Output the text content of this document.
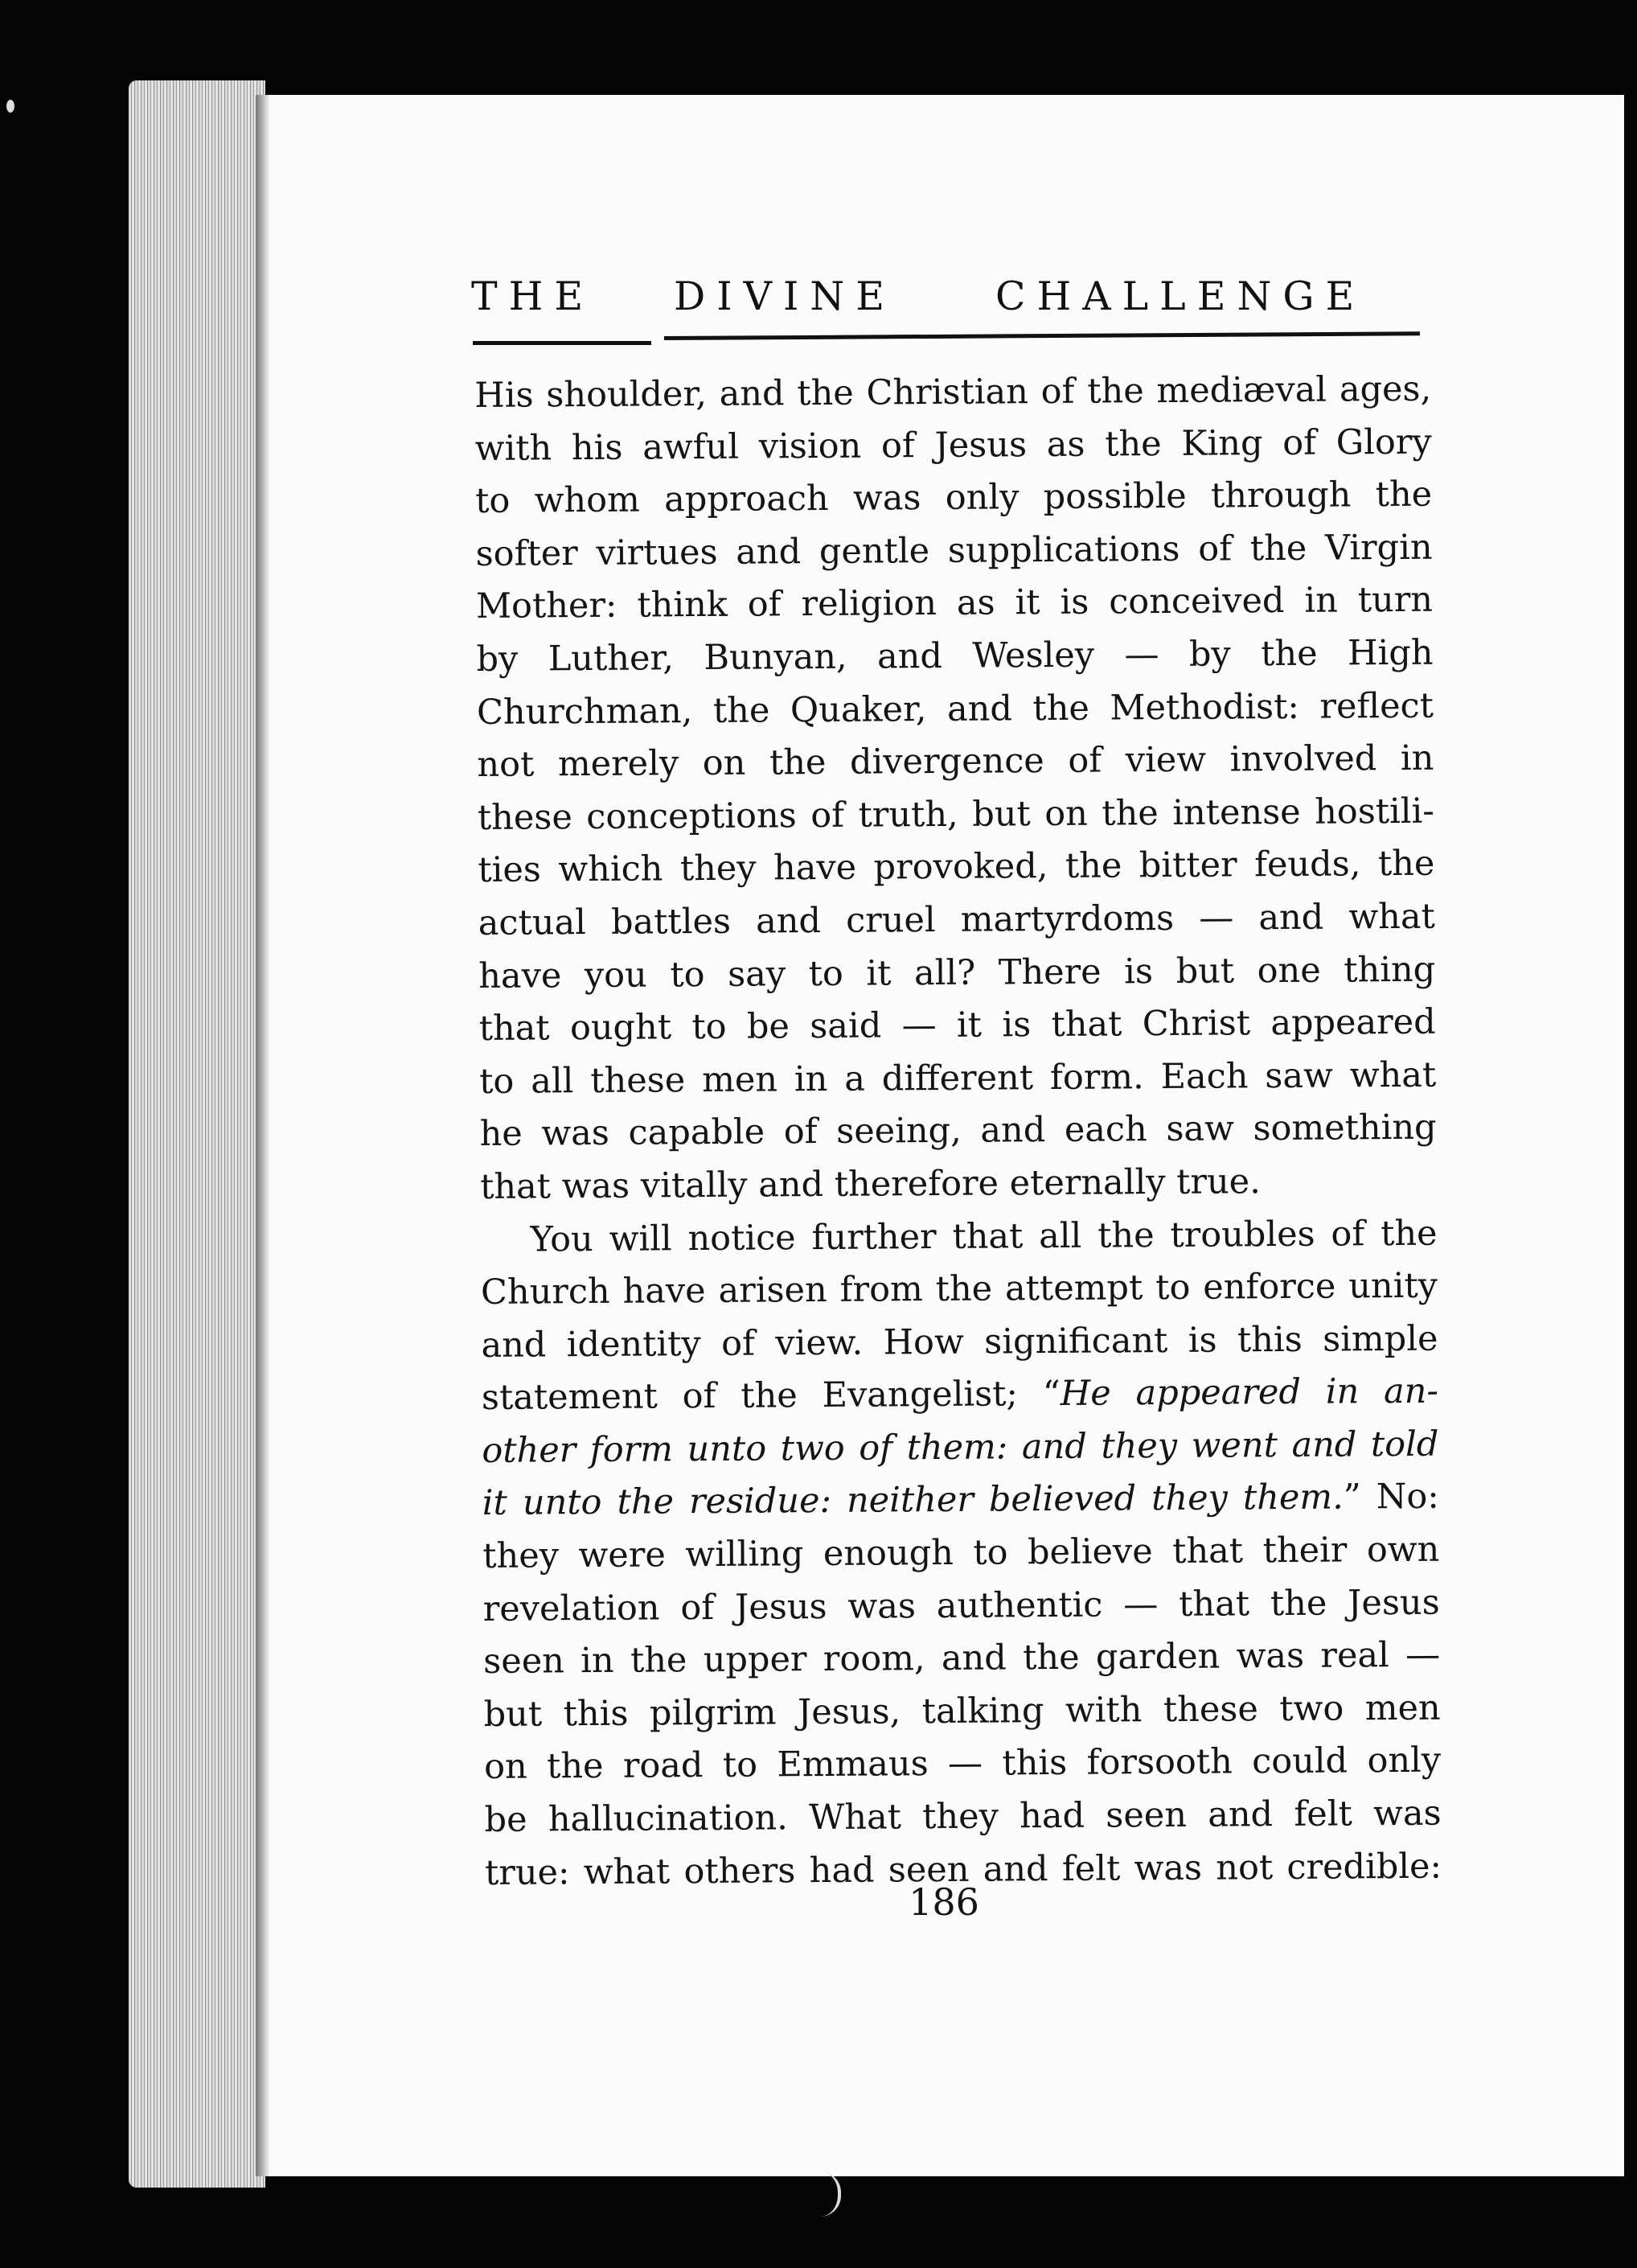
THE DIVINE	CHALLENGE
His shoulder, and the Christian of the mediæval ages,
with his awful vision of Jesus as the King of Glory
to whom approach was only possible through the
softer virtues and gentle supplications of the Virgin
Mother: think of religion as it is conceived in turn
by Luther, Bunyan, and Wesley — by the High
Churchman, the Quaker, and the Methodist: reflect
not merely on the divergence of view involved in
these conceptions of truth, but on the intense hostili-
ties which they have provoked, the bitter feuds, the
actual battles and cruel martyrdoms — and what
have you to say to it all? There is but one thing
that ought to be said — it is that Christ appeared
to all these men in a different form. Each saw what
he was capable of seeing, and each saw something
that was vitally and therefore eternally true.
You will notice further that all the troubles of the
Church have arisen from the attempt to enforce unity
and identity of view. How significant is this simple
statement of the Evangelist; “He appeared in an-
other form unto two of them: and they went and told
it unto the residue: neither believed they them.” No:
they were willing enough to believe that their own
revelation of Jesus was authentic — that the Jesus
seen in the upper room, and the garden was real —
but this pilgrim Jesus, talking with these two men
on the road to Emmaus — this forsooth could only
be hallucination. What they had seen and felt was
true: what others had seen and felt was not credible:
186
